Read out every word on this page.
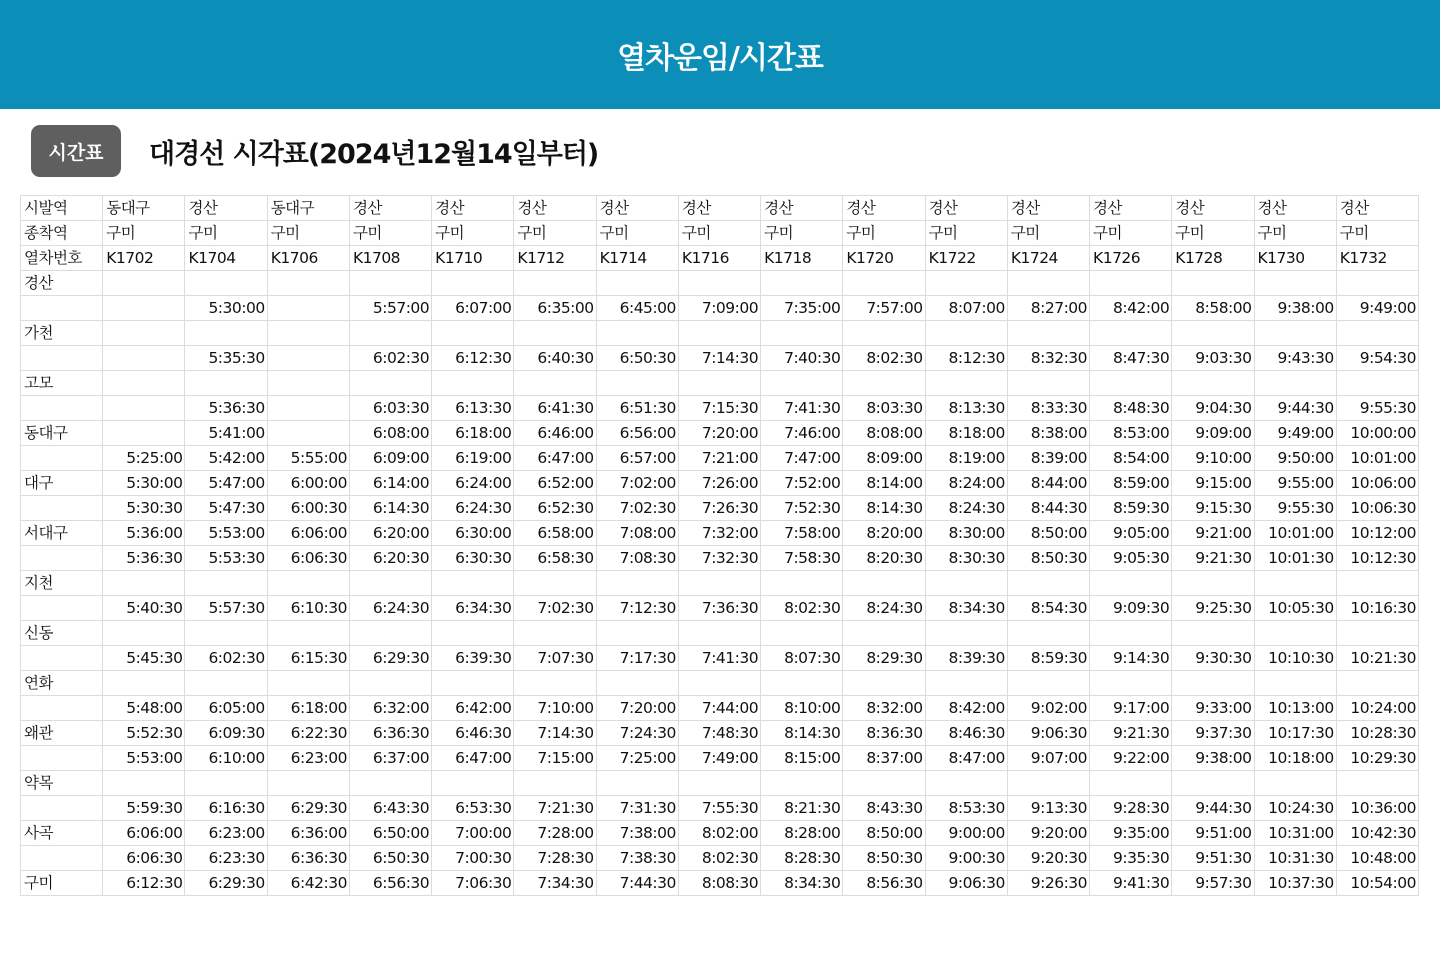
열차운임/시간표
시간표	대경선 시각표(2024년12월14일부터)
시발역	동대구	경산	동대구	경산	경산	경산	경산	경산	경산	경산	경산	경산	경산	경산	경산	경산
종착역	구미	구미	구미	구미	구미	구미	구미	구미	구미	구미	구미	구미	구미	구미	구미	구미
열차번호	K1702	K1704	K1706	K1708	K1710	K1712	K1714	K1716	K1718	K1720	K1722	K1724	K1726	K1728	K1730	K1732
경산																
		5:30:00		5:57:00	6:07:00	6:35:00	6:45:00	7:09:00	7:35:00	7:57:00	8:07:00	8:27:00	8:42:00	8:58:00	9:38:00	9:49:00
가천																
		5:35:30		6:02:30	6:12:30	6:40:30	6:50:30	7:14:30	7:40:30	8:02:30	8:12:30	8:32:30	8:47:30	9:03:30	9:43:30	9:54:30
고모																
		5:36:30		6:03:30	6:13:30	6:41:30	6:51:30	7:15:30	7:41:30	8:03:30	8:13:30	8:33:30	8:48:30	9:04:30	9:44:30	9:55:30
동대구		5:41:00		6:08:00	6:18:00	6:46:00	6:56:00	7:20:00	7:46:00	8:08:00	8:18:00	8:38:00	8:53:00	9:09:00	9:49:00	10:00:00
	5:25:00	5:42:00	5:55:00	6:09:00	6:19:00	6:47:00	6:57:00	7:21:00	7:47:00	8:09:00	8:19:00	8:39:00	8:54:00	9:10:00	9:50:00	10:01:00
대구	5:30:00	5:47:00	6:00:00	6:14:00	6:24:00	6:52:00	7:02:00	7:26:00	7:52:00	8:14:00	8:24:00	8:44:00	8:59:00	9:15:00	9:55:00	10:06:00
	5:30:30	5:47:30	6:00:30	6:14:30	6:24:30	6:52:30	7:02:30	7:26:30	7:52:30	8:14:30	8:24:30	8:44:30	8:59:30	9:15:30	9:55:30	10:06:30
서대구	5:36:00	5:53:00	6:06:00	6:20:00	6:30:00	6:58:00	7:08:00	7:32:00	7:58:00	8:20:00	8:30:00	8:50:00	9:05:00	9:21:00	10:01:00	10:12:00
	5:36:30	5:53:30	6:06:30	6:20:30	6:30:30	6:58:30	7:08:30	7:32:30	7:58:30	8:20:30	8:30:30	8:50:30	9:05:30	9:21:30	10:01:30	10:12:30
지천																
	5:40:30	5:57:30	6:10:30	6:24:30	6:34:30	7:02:30	7:12:30	7:36:30	8:02:30	8:24:30	8:34:30	8:54:30	9:09:30	9:25:30	10:05:30	10:16:30
신동																
	5:45:30	6:02:30	6:15:30	6:29:30	6:39:30	7:07:30	7:17:30	7:41:30	8:07:30	8:29:30	8:39:30	8:59:30	9:14:30	9:30:30	10:10:30	10:21:30
연화																
	5:48:00	6:05:00	6:18:00	6:32:00	6:42:00	7:10:00	7:20:00	7:44:00	8:10:00	8:32:00	8:42:00	9:02:00	9:17:00	9:33:00	10:13:00	10:24:00
왜관	5:52:30	6:09:30	6:22:30	6:36:30	6:46:30	7:14:30	7:24:30	7:48:30	8:14:30	8:36:30	8:46:30	9:06:30	9:21:30	9:37:30	10:17:30	10:28:30
	5:53:00	6:10:00	6:23:00	6:37:00	6:47:00	7:15:00	7:25:00	7:49:00	8:15:00	8:37:00	8:47:00	9:07:00	9:22:00	9:38:00	10:18:00	10:29:30
약목																
	5:59:30	6:16:30	6:29:30	6:43:30	6:53:30	7:21:30	7:31:30	7:55:30	8:21:30	8:43:30	8:53:30	9:13:30	9:28:30	9:44:30	10:24:30	10:36:00
사곡	6:06:00	6:23:00	6:36:00	6:50:00	7:00:00	7:28:00	7:38:00	8:02:00	8:28:00	8:50:00	9:00:00	9:20:00	9:35:00	9:51:00	10:31:00	10:42:30
	6:06:30	6:23:30	6:36:30	6:50:30	7:00:30	7:28:30	7:38:30	8:02:30	8:28:30	8:50:30	9:00:30	9:20:30	9:35:30	9:51:30	10:31:30	10:48:00
구미	6:12:30	6:29:30	6:42:30	6:56:30	7:06:30	7:34:30	7:44:30	8:08:30	8:34:30	8:56:30	9:06:30	9:26:30	9:41:30	9:57:30	10:37:30	10:54:00
